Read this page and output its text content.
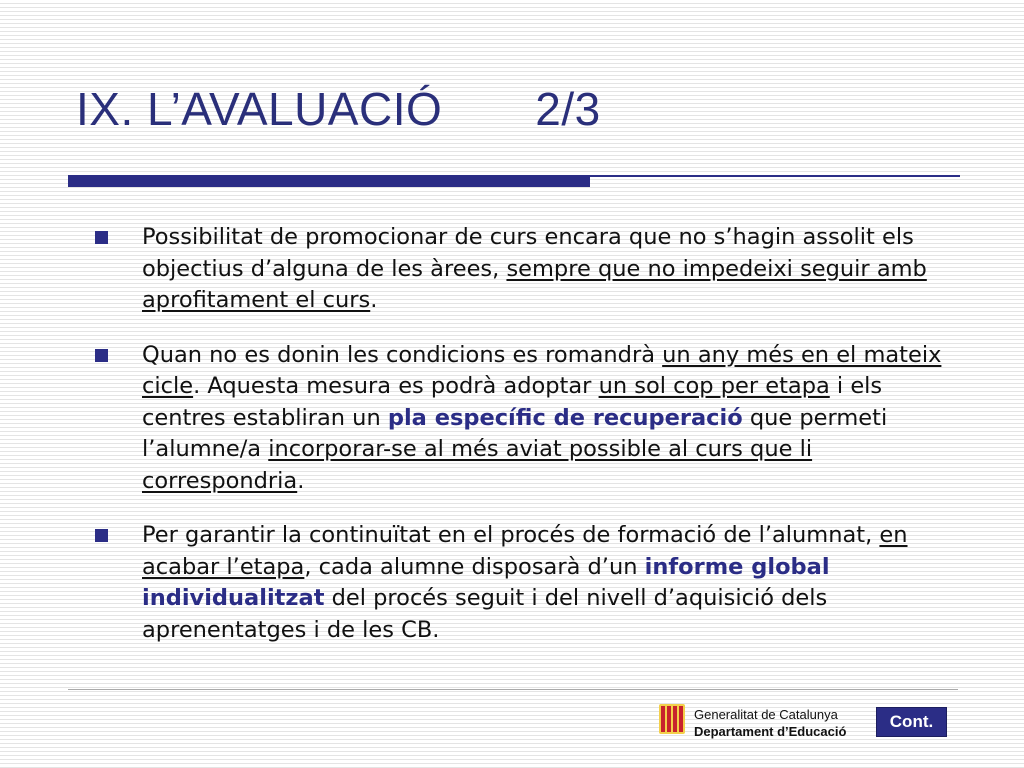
IX. L’AVALUACIÓ       2/3
Possibilitat de promocionar de curs encara que no s’hagin assolit els objectius d’alguna de les àrees, sempre que no impedeixi seguir amb aprofitament el curs.
Quan no es donin les condicions es romandrà un any més en el mateix cicle. Aquesta mesura es podrà adoptar un sol cop per etapa i els centres establiran un pla específic de recuperació que permeti l’alumne/a incorporar-se al més aviat possible al curs que li correspondria.
Per garantir la continuïtat en el procés de formació de l’alumnat, en acabar l’etapa, cada alumne disposarà d’un informe global individualitzat del procés seguit i del nivell d’aquisició dels aprenentatges i de les CB.
Generalitat de Catalunya
Departament d’Educació
Cont.
